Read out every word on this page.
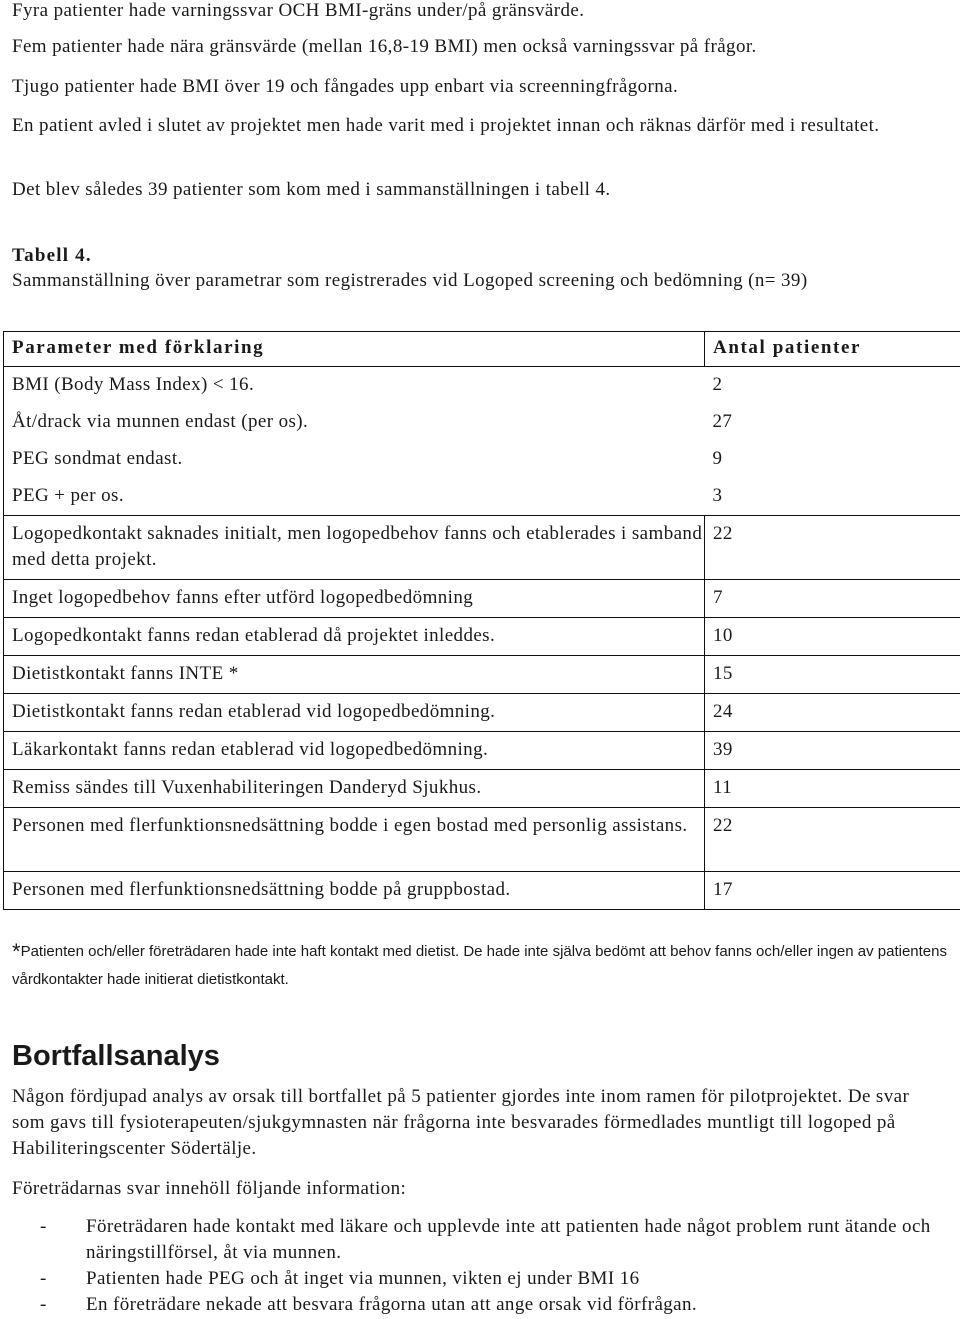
Fyra patienter hade varningssvar OCH BMI-gräns under/på gränsvärde.
Fem patienter hade nära gränsvärde (mellan 16,8-19 BMI) men också varningssvar på frågor.
Tjugo patienter hade BMI över 19 och fångades upp enbart via screenningfrågorna.
En patient avled i slutet av projektet men hade varit med i projektet innan och räknas därför med i resultatet.
Det blev således 39 patienter som kom med i sammanställningen i tabell 4.
Tabell 4.
Sammanställning över parametrar som registrerades vid Logoped screening och bedömning (n= 39)
Parameter med förklaring	Antal patienter
BMI (Body Mass Index) < 16.	2
Åt/drack via munnen endast (per os).	27
PEG sondmat endast.	9
PEG + per os.	3
Logopedkontakt saknades initialt, men logopedbehov fanns och etablerades i samband med detta projekt.	22
Inget logopedbehov fanns efter utförd logopedbedömning	7
Logopedkontakt fanns redan etablerad då projektet inleddes.	10
Dietistkontakt fanns INTE *	15
Dietistkontakt fanns redan etablerad vid logopedbedömning.	24
Läkarkontakt fanns redan etablerad vid logopedbedömning.	39
Remiss sändes till Vuxenhabiliteringen Danderyd Sjukhus.	11
Personen med flerfunktionsnedsättning bodde i egen bostad med personlig assistans.	22
Personen med flerfunktionsnedsättning bodde på gruppbostad.	17
*Patienten och/eller företrädaren hade inte haft kontakt med dietist. De hade inte själva bedömt att behov fanns och/eller ingen av patientens vårdkontakter hade initierat dietistkontakt.
Bortfallsanalys
Någon fördjupad analys av orsak till bortfallet på 5 patienter gjordes inte inom ramen för pilotprojektet. De svar som gavs till fysioterapeuten/sjukgymnasten när frågorna inte besvarades förmedlades muntligt till logoped på Habiliteringscenter Södertälje.
Företrädarnas svar innehöll följande information:
- Företrädaren hade kontakt med läkare och upplevde inte att patienten hade något problem runt ätande och näringstillförsel, åt via munnen.
- Patienten hade PEG och åt inget via munnen, vikten ej under BMI 16
- En företrädare nekade att besvara frågorna utan att ange orsak vid förfrågan.
